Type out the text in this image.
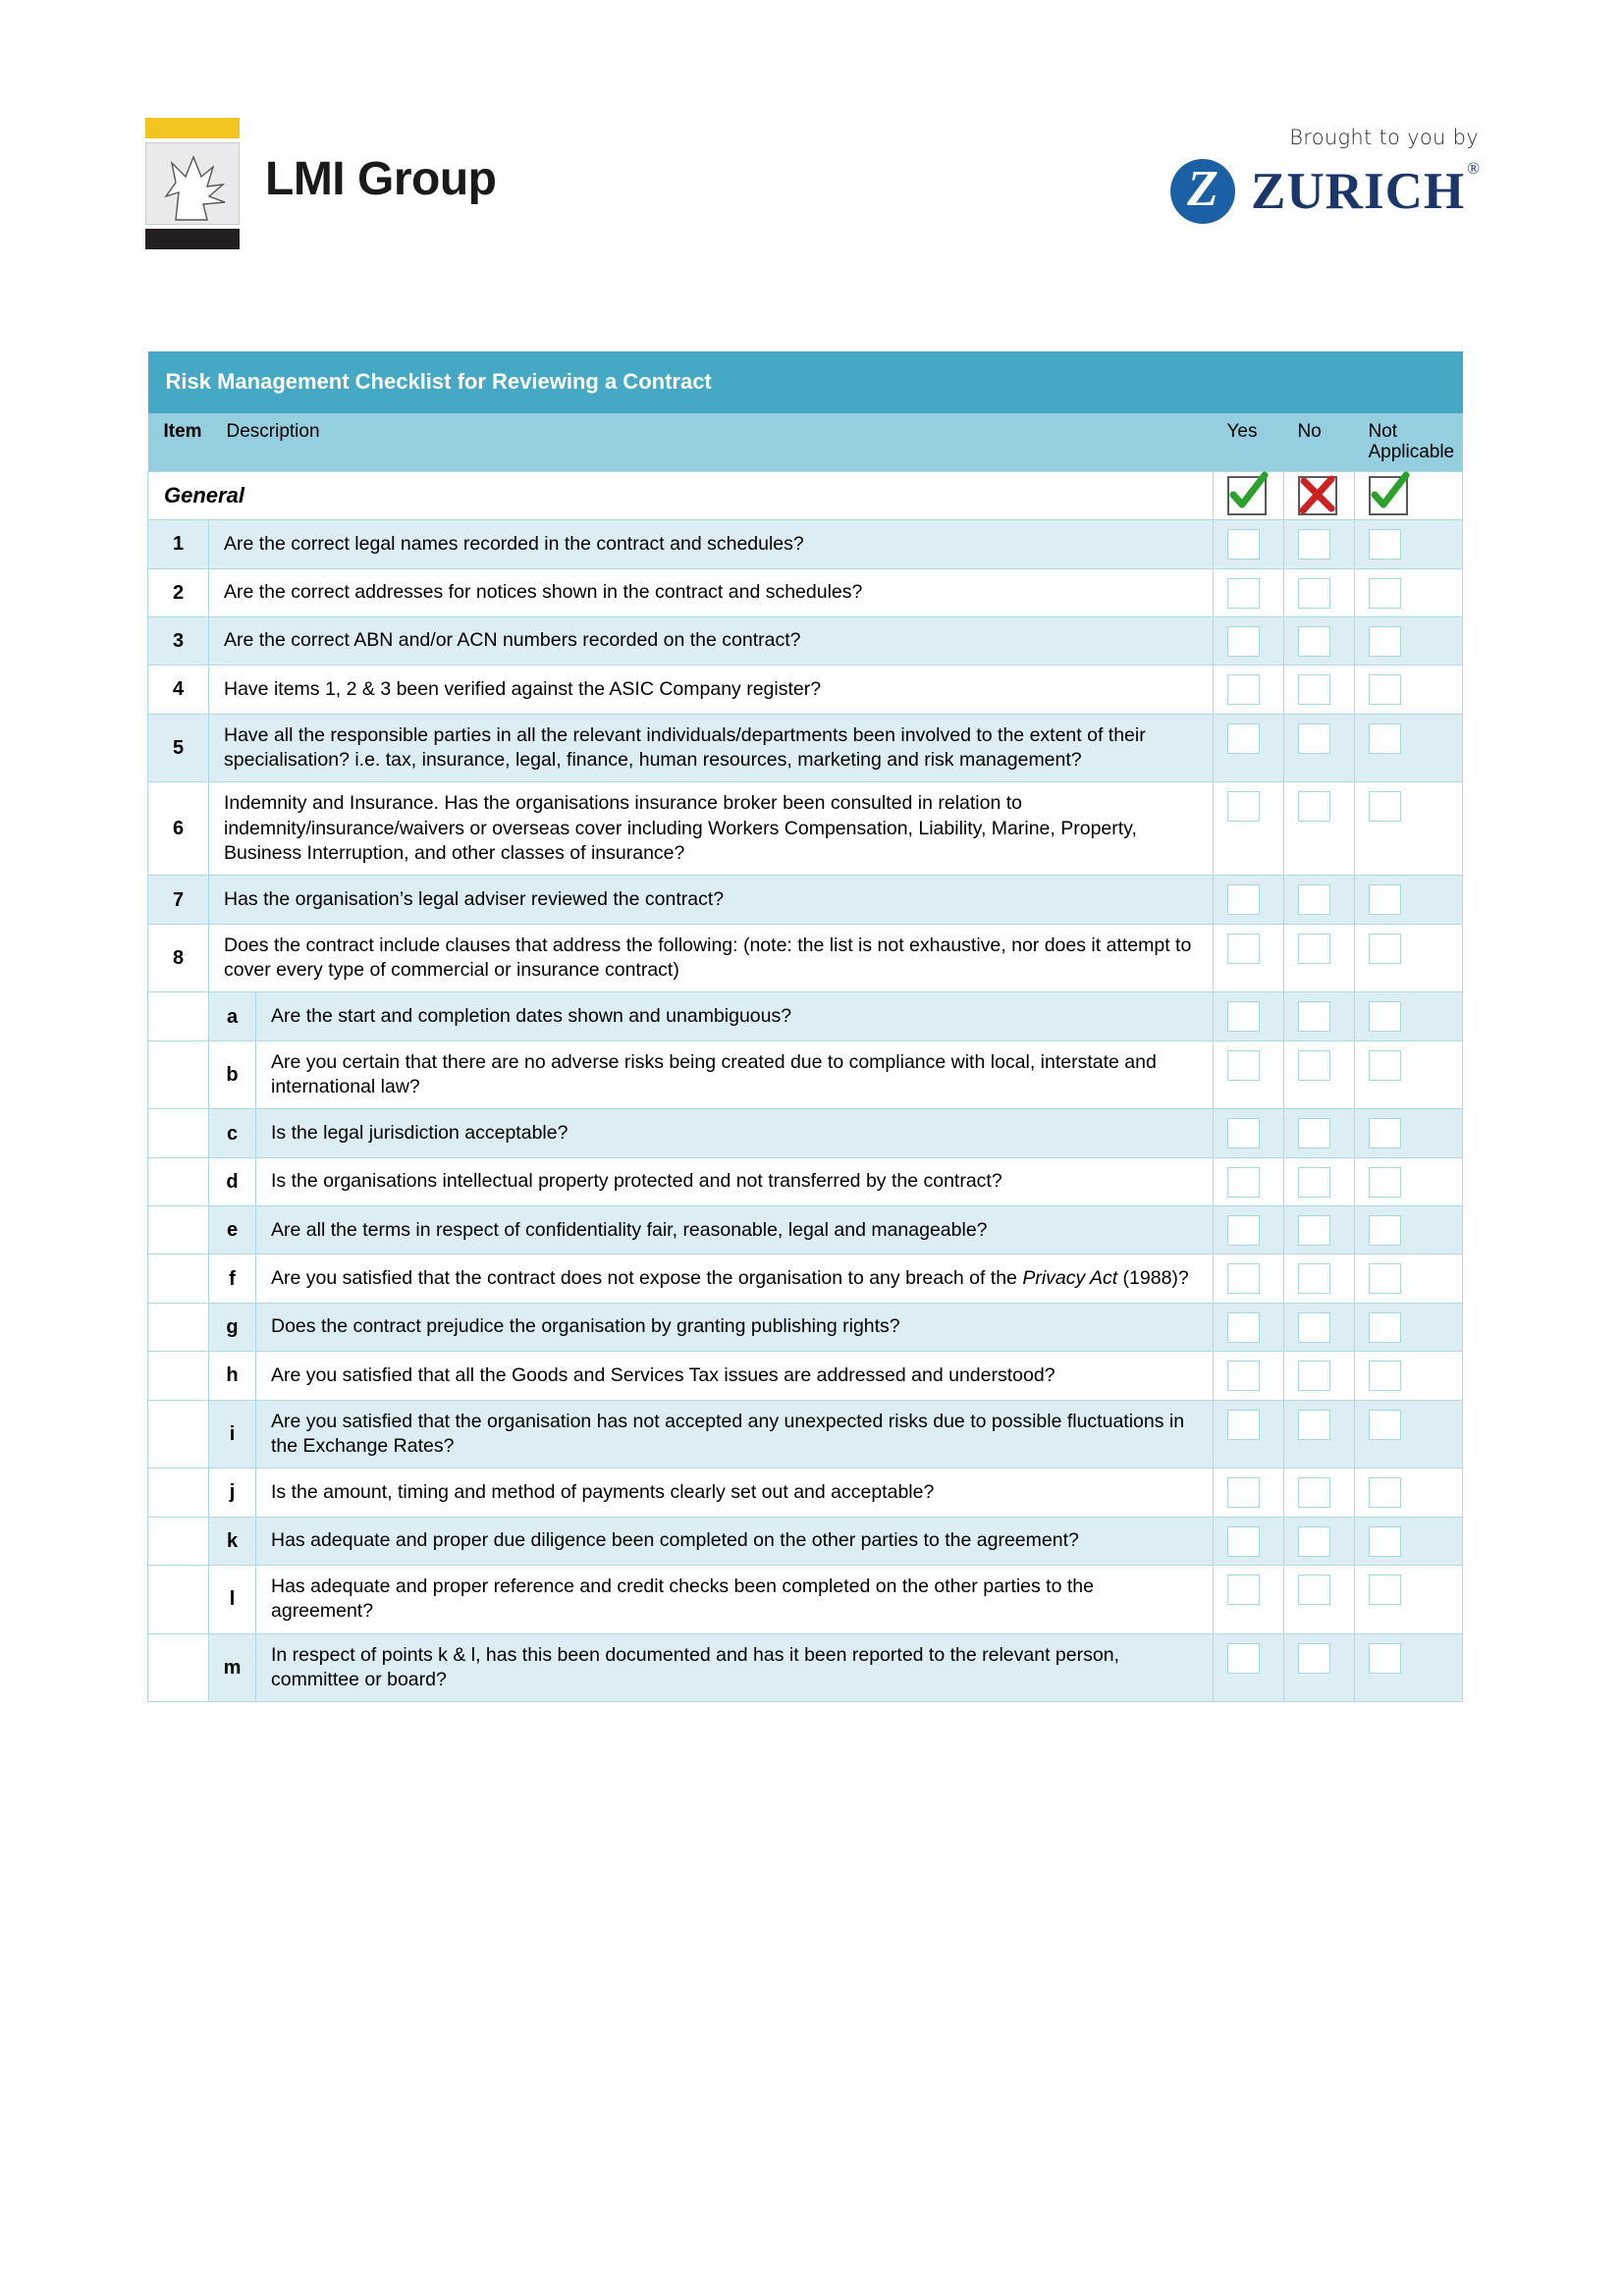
LMI Group
Brought to you by
Z ZURICH ®
Risk Management Checklist for Reviewing a Contract					
Item	Description		Yes	No	Not
Applicable
General	

1	Are the correct legal names recorded in the contract and schedules?				
2	Are the correct addresses for notices shown in the contract and schedules?				
3	Are the correct ABN and/or ACN numbers recorded on the contract?				
4	Have items 1, 2 & 3 been verified against the ASIC Company register?				
5	Have all the responsible parties in all the relevant individuals/departments been involved to the extent of their specialisation? i.e. tax, insurance, legal, finance, human resources, marketing and risk management?				
6	Indemnity and Insurance. Has the organisations insurance broker been consulted in relation to indemnity/insurance/waivers or overseas cover including Workers Compensation, Liability, Marine, Property, Business Interruption, and other classes of insurance?				
7	Has the organisation’s legal adviser reviewed the contract?				
8	Does the contract include clauses that address the following: (note: the list is not exhaustive, nor does it attempt to cover every type of commercial or insurance contract)				
	a	Are the start and completion dates shown and unambiguous?			
	b	Are you certain that there are no adverse risks being created due to compliance with local, interstate and international law?			
	c	Is the legal jurisdiction acceptable?			
	d	Is the organisations intellectual property protected and not transferred by the contract?			
	e	Are all the terms in respect of confidentiality fair, reasonable, legal and manageable?			
	f	Are you satisfied that the contract does not expose the organisation to any breach of the Privacy Act (1988)?			
	g	Does the contract prejudice the organisation by granting publishing rights?			
	h	Are you satisfied that all the Goods and Services Tax issues are addressed and understood?			
	i	Are you satisfied that the organisation has not accepted any unexpected risks due to possible fluctuations in the Exchange Rates?			
	j	Is the amount, timing and method of payments clearly set out and acceptable?			
	k	Has adequate and proper due diligence been completed on the other parties to the agreement?			
	l	Has adequate and proper reference and credit checks been completed on the other parties to the agreement?			
	m	In respect of points k & l, has this been documented and has it been reported to the relevant person, committee or board?			
